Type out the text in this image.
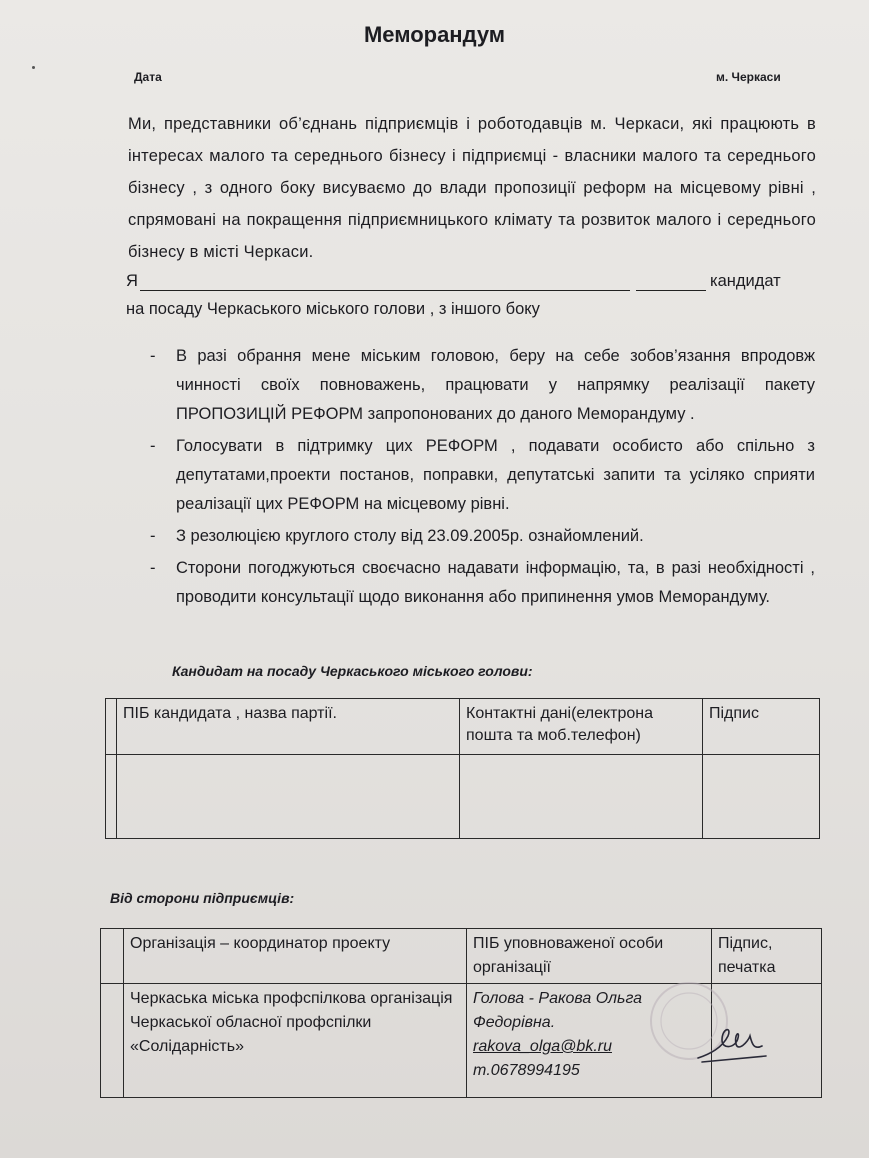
Меморандум
Дата	м. Черкаси
Ми, представники об’єднань підприємців і роботодавців м. Черкаси, які працюють в інтересах малого та середнього бізнесу і підприємці - власники малого та середнього бізнесу , з одного боку висуваємо до влади пропозиції реформ на місцевому рівні , спрямовані на покращення підприємницького клімату та розвиток малого і середнього бізнесу в місті Черкаси.
Я	кандидат
на посаду Черкаського міського голови , з іншого боку
- В разі обрання мене міським головою, беру на себе зобов’язання впродовж чинності своїх повноважень, працювати у напрямку реалізації пакету ПРОПОЗИЦІЙ РЕФОРМ запропонованих до даного Меморандуму .
- Голосувати в підтримку цих РЕФОРМ , подавати особисто або спільно з депутатами,проекти постанов, поправки, депутатські запити та усіляко сприяти реалізації цих РЕФОРМ на місцевому рівні.
- З резолюцією круглого столу від 23.09.2005р. ознайомлений.
- Сторони погоджуються своєчасно надавати інформацію, та, в разі необхідності , проводити консультації щодо виконання або припинення умов Меморандуму.
Кандидат на посаду Черкаського міського голови:
	ПІБ кандидата , назва партії.	Контактні дані(електрона пошта та моб.телефон)	Підпис

Від сторони підприємців:
	Організація – координатор проекту	ПІБ уповноваженої особи організації	Підпис, печатка
	Черкаська міська профспілкова організація Черкаської обласної профспілки «Солідарність»	Голова - Ракова Ольга Федорівна.
rakova_olga@bk.ru
m.0678994195	
